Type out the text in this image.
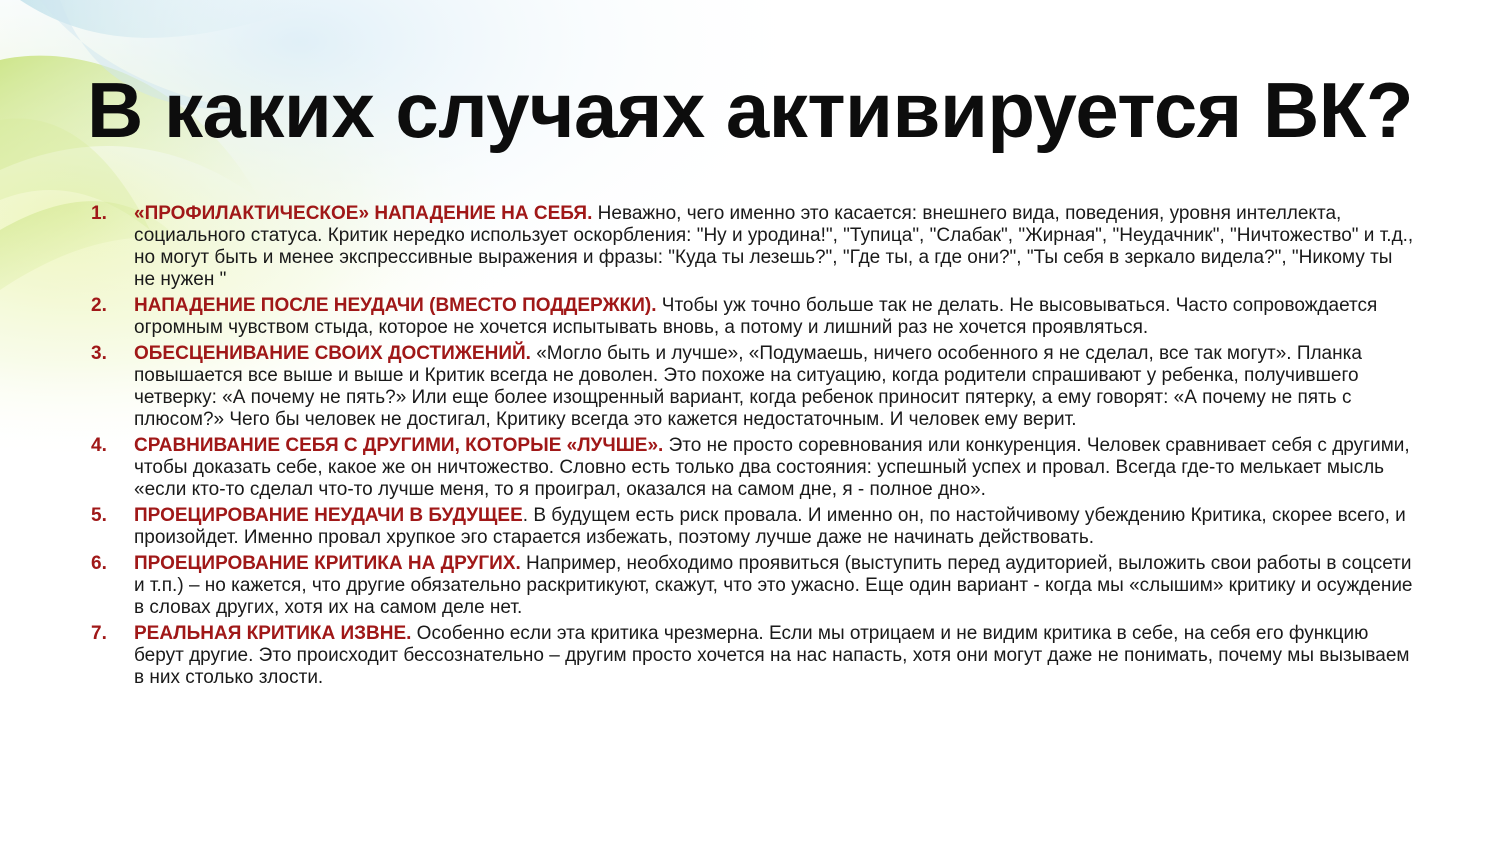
В каких случаях активируется ВК?
1. «ПРОФИЛАКТИЧЕСКОЕ» НАПАДЕНИЕ НА СЕБЯ. Неважно, чего именно это касается: внешнего вида, поведения, уровня интеллекта, социального статуса. Критик нередко использует оскорбления: "Ну и уродина!", "Тупица", "Слабак", "Жирная", "Неудачник", "Ничтожество" и т.д., но могут быть и менее экспрессивные выражения и фразы: "Куда ты лезешь?", "Где ты, а где они?", "Ты себя в зеркало видела?", "Никому ты не нужен "
2. НАПАДЕНИЕ ПОСЛЕ НЕУДАЧИ (ВМЕСТО ПОДДЕРЖКИ). Чтобы уж точно больше так не делать. Не высовываться. Часто сопровождается огромным чувством стыда, которое не хочется испытывать вновь, а потому и лишний раз не хочется проявляться.
3. ОБЕСЦЕНИВАНИЕ СВОИХ ДОСТИЖЕНИЙ. «Могло быть и лучше», «Подумаешь, ничего особенного я не сделал, все так могут». Планка повышается все выше и выше и Критик всегда не доволен. Это похоже на ситуацию, когда родители спрашивают у ребенка, получившего четверку: «А почему не пять?» Или еще более изощренный вариант, когда ребенок приносит пятерку, а ему говорят: «А почему не пять с плюсом?» Чего бы человек не достигал, Критику всегда это кажется недостаточным. И человек ему верит.
4. СРАВНИВАНИЕ СЕБЯ С ДРУГИМИ, КОТОРЫЕ «ЛУЧШЕ». Это не просто соревнования или конкуренция. Человек сравнивает себя с другими, чтобы доказать себе, какое же он ничтожество. Словно есть только два состояния: успешный успех и провал. Всегда где-то мелькает мысль «если кто-то сделал что-то лучше меня, то я проиграл, оказался на самом дне, я - полное дно».
5. ПРОЕЦИРОВАНИЕ НЕУДАЧИ В БУДУЩЕЕ. В будущем есть риск провала. И именно он, по настойчивому убеждению Критика, скорее всего, и произойдет. Именно провал хрупкое эго старается избежать, поэтому лучше даже не начинать действовать.
6. ПРОЕЦИРОВАНИЕ КРИТИКА НА ДРУГИХ. Например, необходимо проявиться (выступить перед аудиторией, выложить свои работы в соцсети и т.п.) – но кажется, что другие обязательно раскритикуют, скажут, что это ужасно. Еще один вариант - когда мы «слышим» критику и осуждение в словах других, хотя их на самом деле нет.
7. РЕАЛЬНАЯ КРИТИКА ИЗВНЕ. Особенно если эта критика чрезмерна. Если мы отрицаем и не видим критика в себе, на себя его функцию берут другие. Это происходит бессознательно – другим просто хочется на нас напасть, хотя они могут даже не понимать, почему мы вызываем в них столько злости.
